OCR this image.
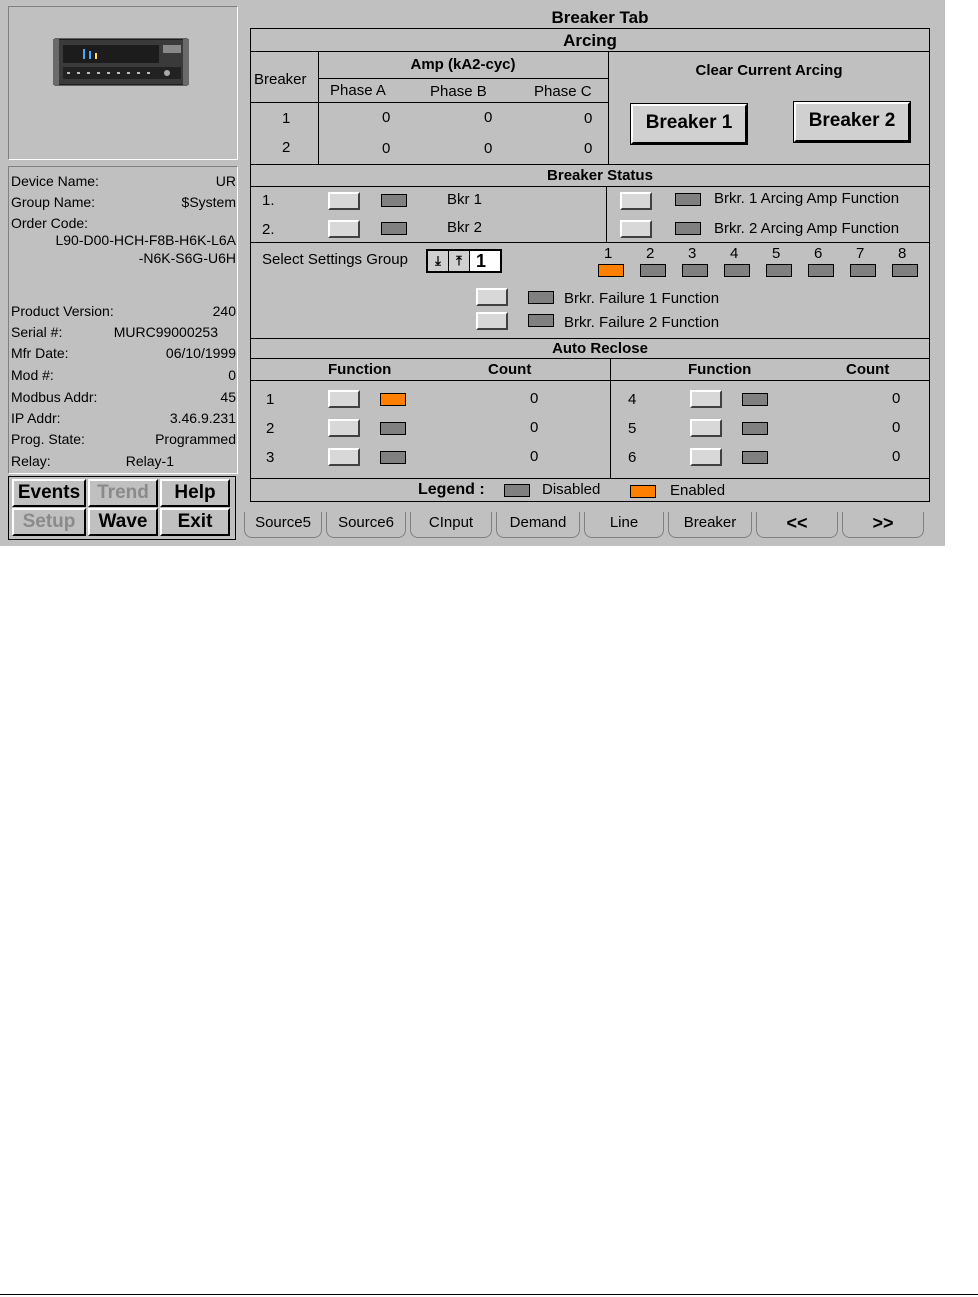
Device Name:	UR
Group Name:	$System
Order Code:
L90-D00-HCH-F8B-H6K-L6A
-N6K-S6G-U6H
Product Version:	240
Serial #:	MURC99000253
Mfr Date:	06/10/1999
Mod #:	0
Modbus Addr:	45
IP Addr:	3.46.9.231
Prog. State:	Programmed
Relay:	Relay-1
Events Trend	Help
Setup	Wave	Exit
Breaker Tab
Arcing
Breaker
Amp (kA2-cyc)
Phase A	Phase B	Phase C
1	0	0	0
2	0	0	0
Clear Current Arcing
Breaker 1	Breaker 2
Breaker Status
1.	Bkr 1	Brkr. 1 Arcing Amp Function
2.	Bkr 2	Brkr. 2 Arcing Amp Function
Select Settings Group	⤓	⤒ 1	1 2 3 4 5 6 7 8
Brkr. Failure 1 Function
Brkr. Failure 2 Function
Auto Reclose
Function	Count	Function	Count
1	0
2	0
3	0
4	0
5	0
6	0
Legend :	Disabled	Enabled
Source5	Source6	CInput	Demand	Line	Breaker	<<	>>
